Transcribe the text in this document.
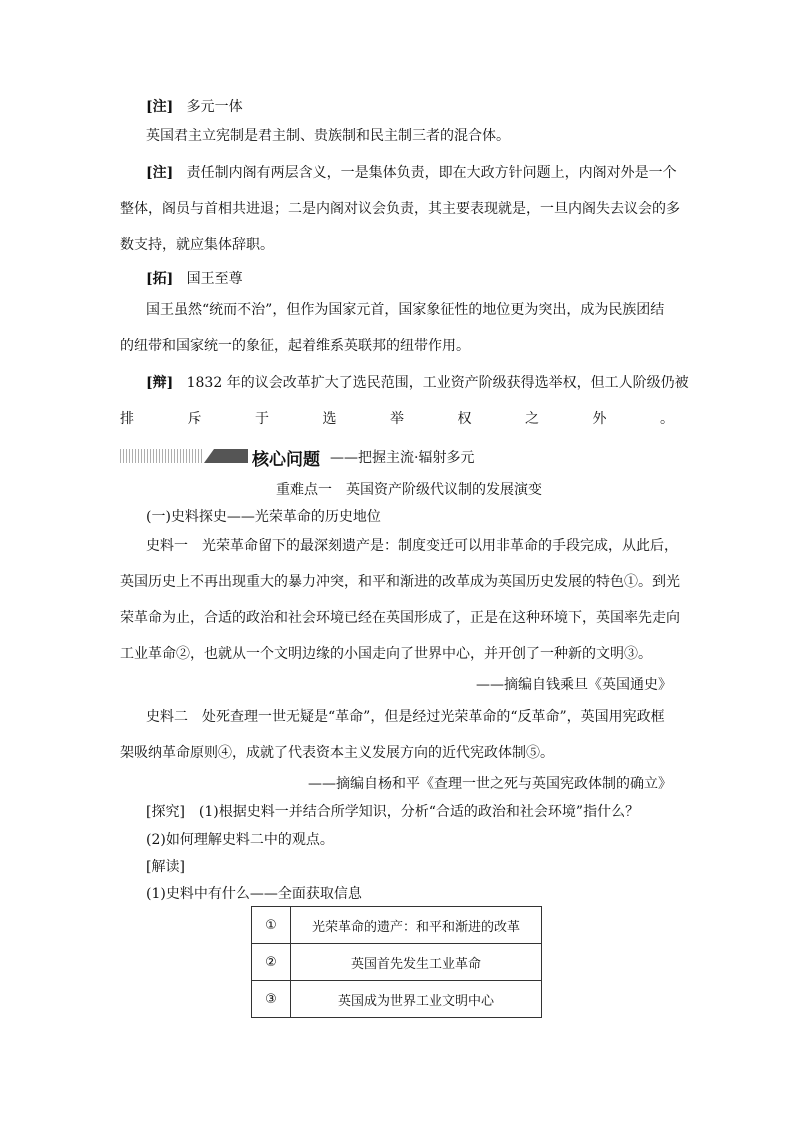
[注] 多元一体
英国君主立宪制是君主制、贵族制和民主制三者的混合体。
[注] 责任制内阁有两层含义，一是集体负责，即在大政方针问题上，内阁对外是一个
整体，阁员与首相共进退；二是内阁对议会负责，其主要表现就是，一旦内阁失去议会的多
数支持，就应集体辞职。
[拓] 国王至尊
国王虽然“统而不治”，但作为国家元首，国家象征性的地位更为突出，成为民族团结
的纽带和国家统一的象征，起着维系英联邦的纽带作用。
[辩] 1832 年的议会改革扩大了选民范围，工业资产阶级获得选举权，但工人阶级仍被
排	斥	于	选	举	权	之	外	。
核心问题 ——把握主流·辐射多元
重难点一　英国资产阶级代议制的发展演变
(一)史料探史——光荣革命的历史地位
史料一　光荣革命留下的最深刻遗产是：制度变迁可以用非革命的手段完成，从此后，
英国历史上不再出现重大的暴力冲突，和平和渐进的改革成为英国历史发展的特色①。到光
荣革命为止，合适的政治和社会环境已经在英国形成了，正是在这种环境下，英国率先走向
工业革命②，也就从一个文明边缘的小国走向了世界中心，并开创了一种新的文明③。
——摘编自钱乘旦《英国通史》
史料二　处死查理一世无疑是“革命”，但是经过光荣革命的“反革命”，英国用宪政框
架吸纳革命原则④，成就了代表资本主义发展方向的近代宪政体制⑤。
——摘编自杨和平《查理一世之死与英国宪政体制的确立》
[探究]　(1)根据史料一并结合所学知识，分析“合适的政治和社会环境”指什么？
(2)如何理解史料二中的观点。
[解读]
(1)史料中有什么——全面获取信息
①	光荣革命的遗产：和平和渐进的改革
②	英国首先发生工业革命
③	英国成为世界工业文明中心
